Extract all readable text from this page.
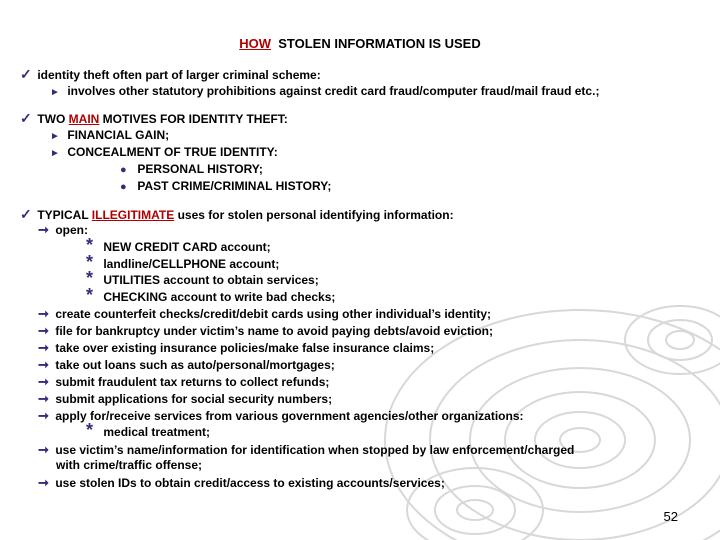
HOW  STOLEN INFORMATION IS USED
✓ identity theft often part of larger criminal scheme:
► involves other statutory prohibitions against credit card fraud/computer fraud/mail fraud etc.;
✓ TWO MAIN MOTIVES FOR IDENTITY THEFT:
► FINANCIAL GAIN;
► CONCEALMENT OF TRUE IDENTITY:
● PERSONAL HISTORY;
● PAST CRIME/CRIMINAL HISTORY;
✓ TYPICAL ILLEGITIMATE uses for stolen personal identifying information:
➞ open:
* NEW CREDIT CARD account;
* landline/CELLPHONE account;
* UTILITIES account to obtain services;
* CHECKING account to write bad checks;
➞ create counterfeit checks/credit/debit cards using other individual’s identity;
➞ file for bankruptcy under victim’s name to avoid paying debts/avoid eviction;
➞ take over existing insurance policies/make false insurance claims;
➞ take out loans such as auto/personal/mortgages;
➞ submit fraudulent tax returns to collect refunds;
➞ submit applications for social security numbers;
➞ apply for/receive services from various government agencies/other organizations:
* medical treatment;
➞ use victim’s name/information for identification when stopped by law enforcement/charged
with crime/traffic offense;
➞ use stolen IDs to obtain credit/access to existing accounts/services;
52
